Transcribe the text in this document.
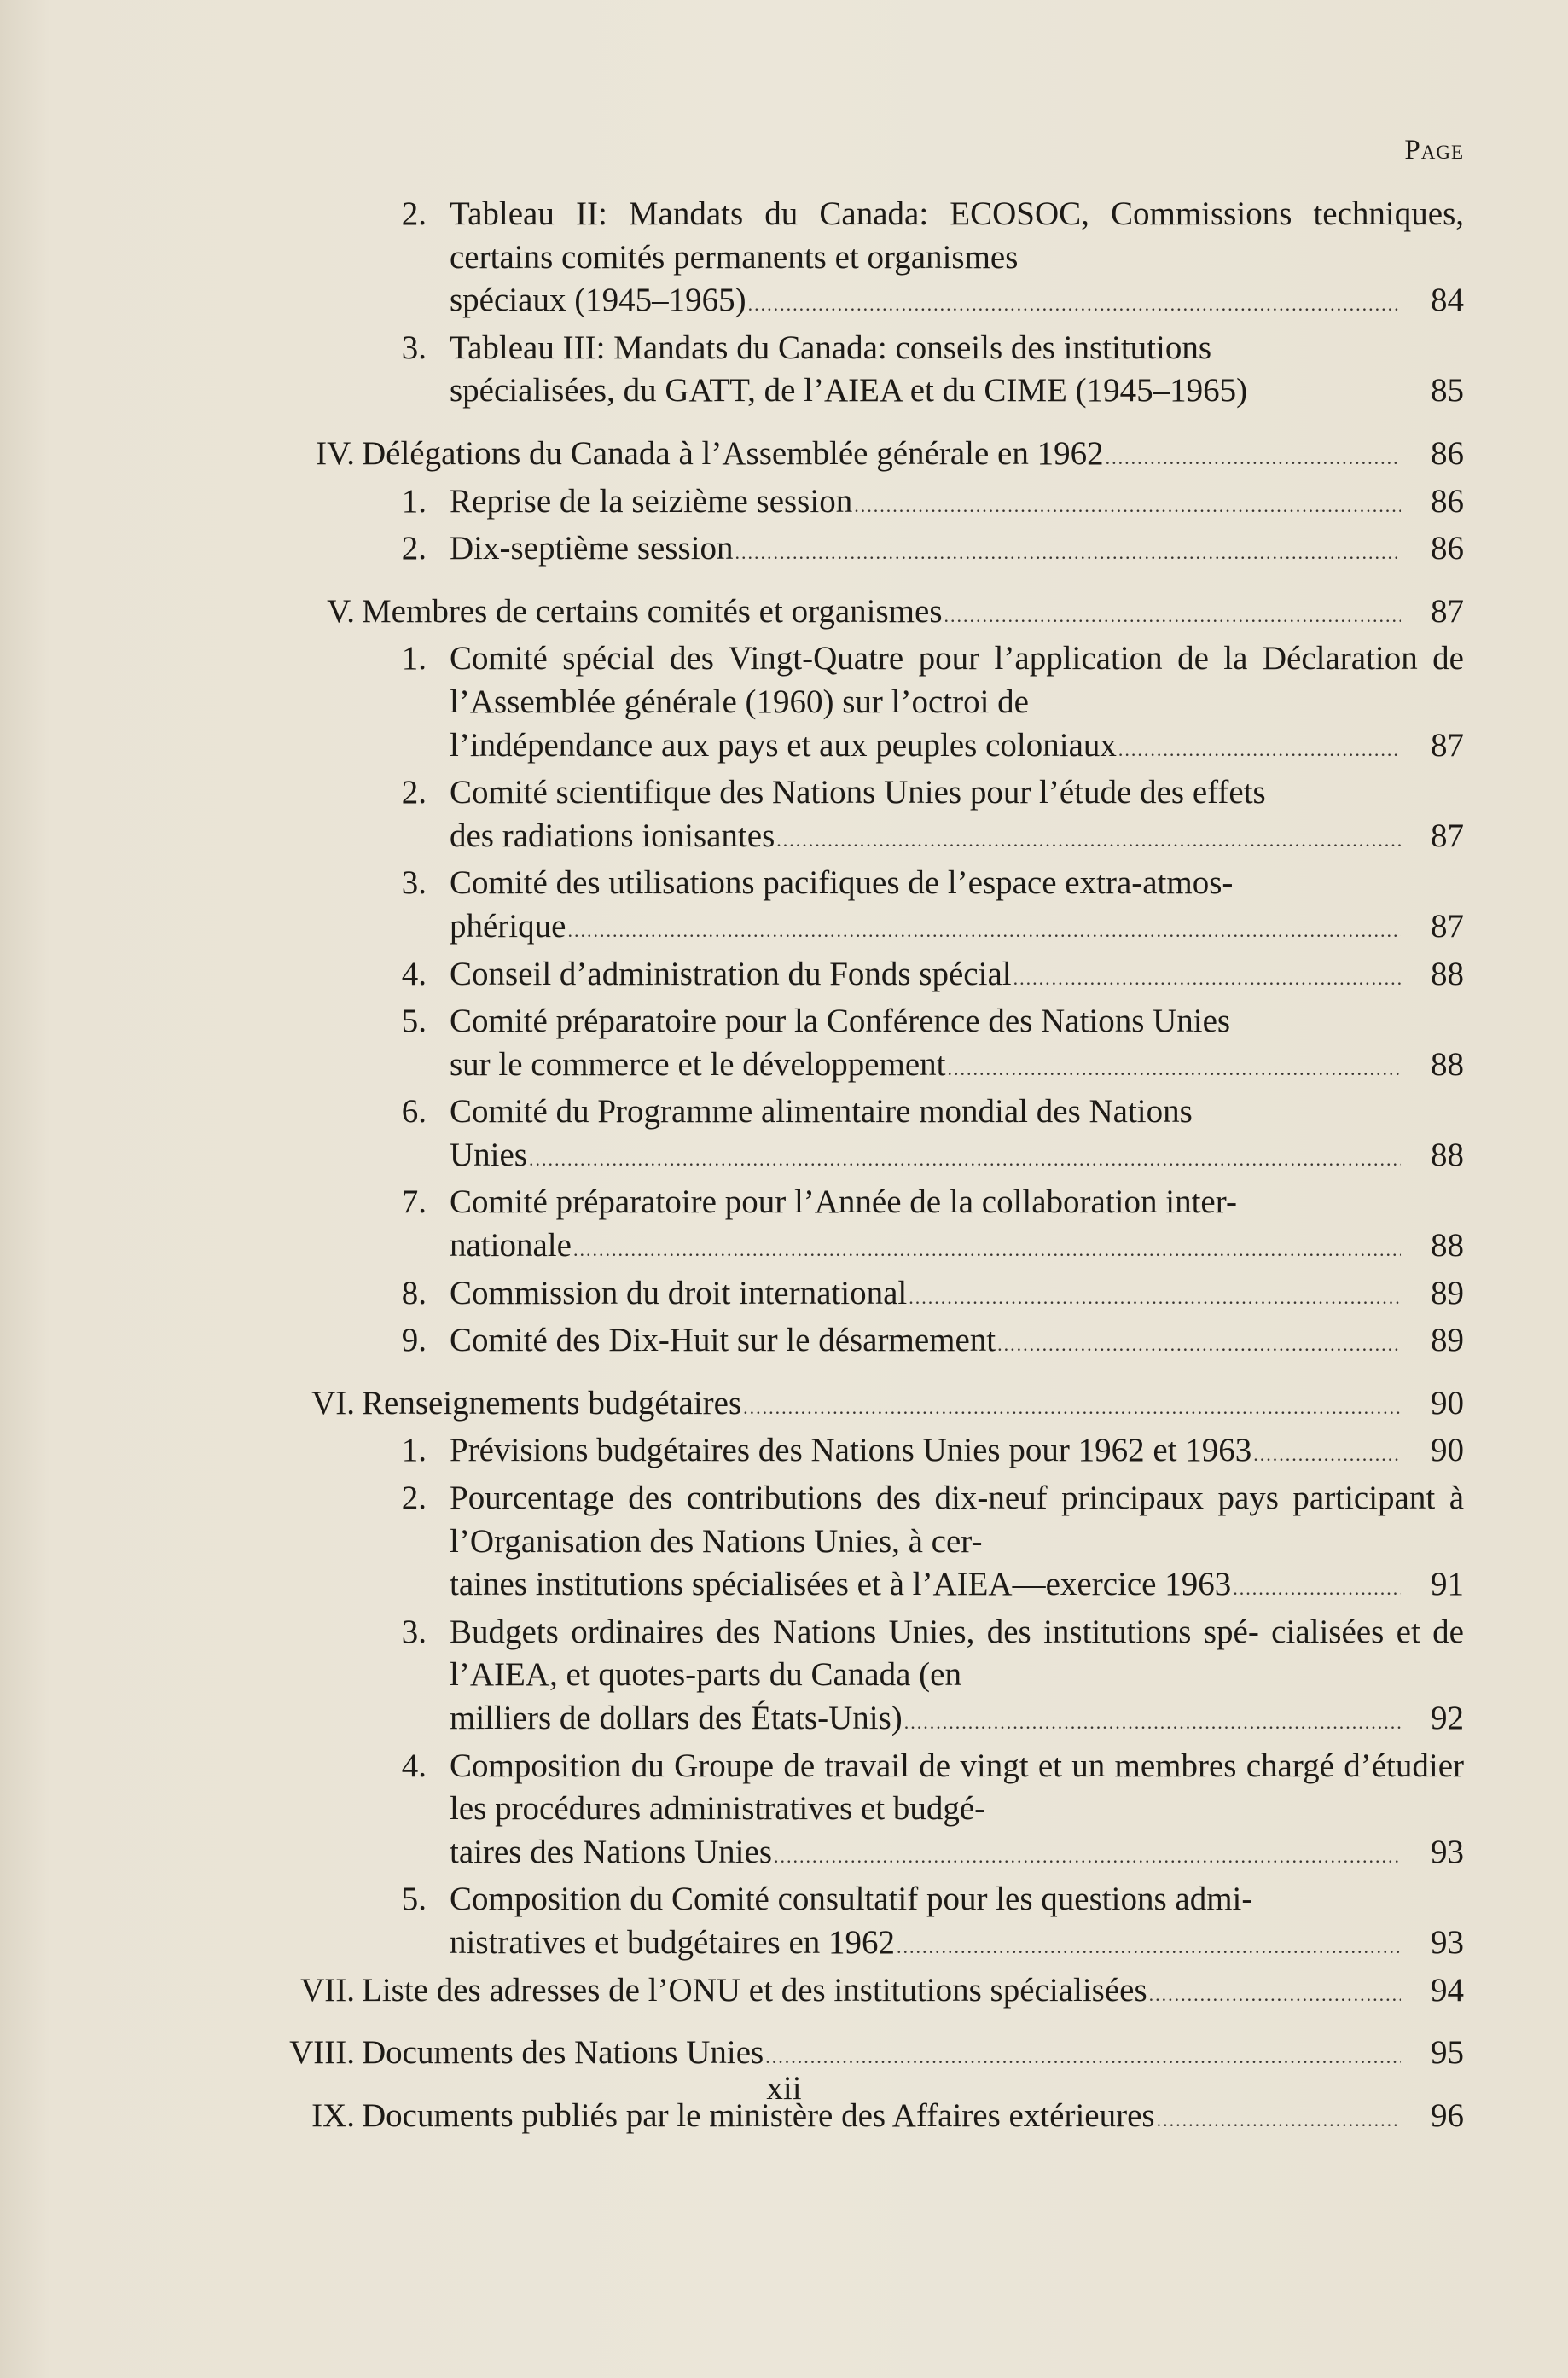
Page
2. Tableau II: Mandats du Canada: ECOSOC, Commissions techniques, certains comités permanents et organismes
spéciaux (1945–1965) .....	84
3. Tableau III: Mandats du Canada: conseils des institutions
spécialisées, du GATT, de l’AIEA et du CIME (1945–1965)	85
IV. Délégations du Canada à l’Assemblée générale en 1962 .....	86
1. Reprise de la seizième session .....	86
2. Dix-septième session .....	86
V. Membres de certains comités et organismes .....	87
1. Comité spécial des Vingt-Quatre pour l’application de la Déclaration de l’Assemblée générale (1960) sur l’octroi de
l’indépendance aux pays et aux peuples coloniaux .....	87
2. Comité scientifique des Nations Unies pour l’étude des effets
des radiations ionisantes .....	87
3. Comité des utilisations pacifiques de l’espace extra-atmos-
phérique .....	87
4. Conseil d’administration du Fonds spécial .....	88
5. Comité préparatoire pour la Conférence des Nations Unies
sur le commerce et le développement .....	88
6. Comité du Programme alimentaire mondial des Nations
Unies .....	88
7. Comité préparatoire pour l’Année de la collaboration inter-
nationale .....	88
8. Commission du droit international .....	89
9. Comité des Dix-Huit sur le désarmement .....	89
VI. Renseignements budgétaires .....	90
1. Prévisions budgétaires des Nations Unies pour 1962 et 1963 .....	90
2. Pourcentage des contributions des dix-neuf principaux pays participant à l’Organisation des Nations Unies, à cer-
taines institutions spécialisées et à l’AIEA—exercice 1963 .....	91
3. Budgets ordinaires des Nations Unies, des institutions spé- cialisées et de l’AIEA, et quotes-parts du Canada (en
milliers de dollars des États-Unis) .....	92
4. Composition du Groupe de travail de vingt et un membres chargé d’étudier les procédures administratives et budgé-
taires des Nations Unies .....	93
5. Composition du Comité consultatif pour les questions admi-
nistratives et budgétaires en 1962 .....	93
VII. Liste des adresses de l’ONU et des institutions spécialisées .....	94
VIII. Documents des Nations Unies .....	95
IX. Documents publiés par le ministère des Affaires extérieures .....	96
xii
